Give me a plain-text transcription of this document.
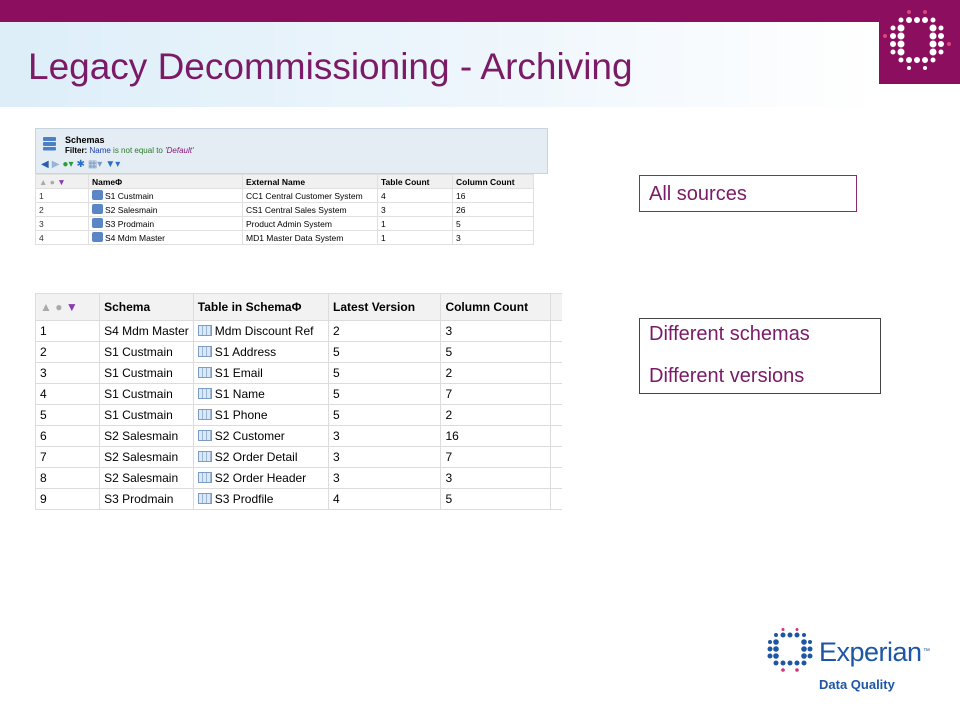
Legacy Decommissioning - Archiving
Schemas
Filter: Name is not equal to 'Default'
◀ ▶ ●▾ ✱ ▦▾ ▼▾
▲ ● ▼	NameΦ	External Name	Table Count	Column Count
1	S1 Custmain	CC1 Central Customer System	4	16
2	S2 Salesmain	CS1 Central Sales System	3	26
3	S3 Prodmain	Product Admin System	1	5
4	S4 Mdm Master	MD1 Master Data System	1	3
▲ ● ▼	Schema	Table in SchemaΦ	Latest Version	Column Count	
1	S4 Mdm Master	Mdm Discount Ref	2	3	
2	S1 Custmain	S1 Address	5	5	
3	S1 Custmain	S1 Email	5	2	
4	S1 Custmain	S1 Name	5	7	
5	S1 Custmain	S1 Phone	5	2	
6	S2 Salesmain	S2 Customer	3	16	
7	S2 Salesmain	S2 Order Detail	3	7	
8	S2 Salesmain	S2 Order Header	3	3	
9	S3 Prodmain	S3 Prodfile	4	5	
All sources
Different schemas
Different versions
Experian ™
Data Quality
